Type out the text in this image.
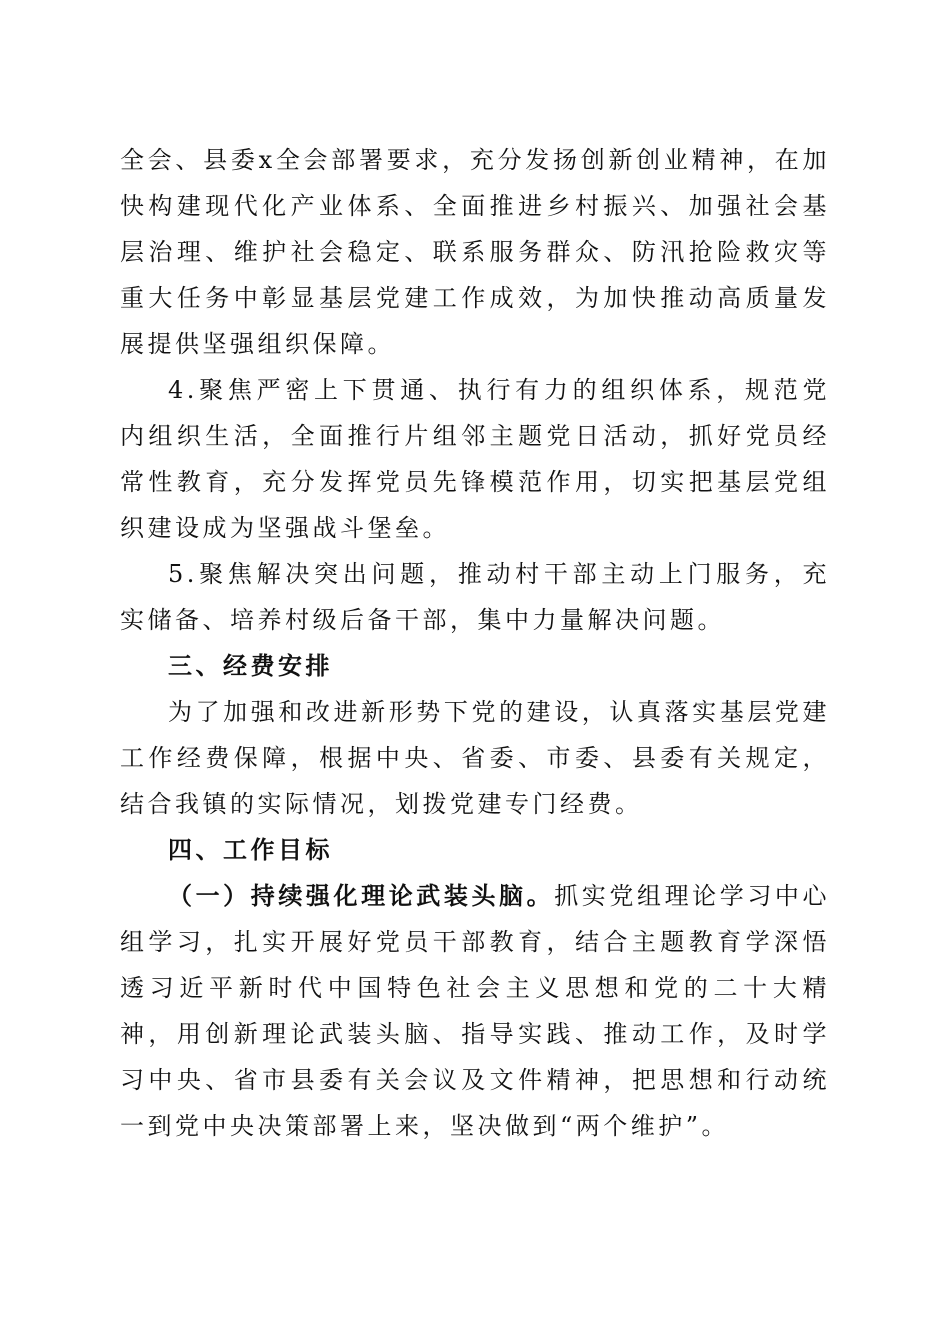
全会、县委x全会部署要求，充分发扬创新创业精神，在加快构建现代化产业体系、全面推进乡村振兴、加强社会基层治理、维护社会稳定、联系服务群众、防汛抢险救灾等重大任务中彰显基层党建工作成效，为加快推动高质量发展提供坚强组织保障。

4.聚焦严密上下贯通、执行有力的组织体系，规范党内组织生活，全面推行片组邻主题党日活动，抓好党员经常性教育，充分发挥党员先锋模范作用，切实把基层党组织建设成为坚强战斗堡垒。

5.聚焦解决突出问题，推动村干部主动上门服务，充实储备、培养村级后备干部，集中力量解决问题。

三、经费安排

为了加强和改进新形势下党的建设，认真落实基层党建工作经费保障，根据中央、省委、市委、县委有关规定，结合我镇的实际情况，划拨党建专门经费。

四、工作目标

（一）持续强化理论武装头脑。抓实党组理论学习中心组学习，扎实开展好党员干部教育，结合主题教育学深悟透习近平新时代中国特色社会主义思想和党的二十大精神，用创新理论武装头脑、指导实践、推动工作，及时学习中央、省市县委有关会议及文件精神，把思想和行动统一到党中央决策部署上来，坚决做到“两个维护”。
